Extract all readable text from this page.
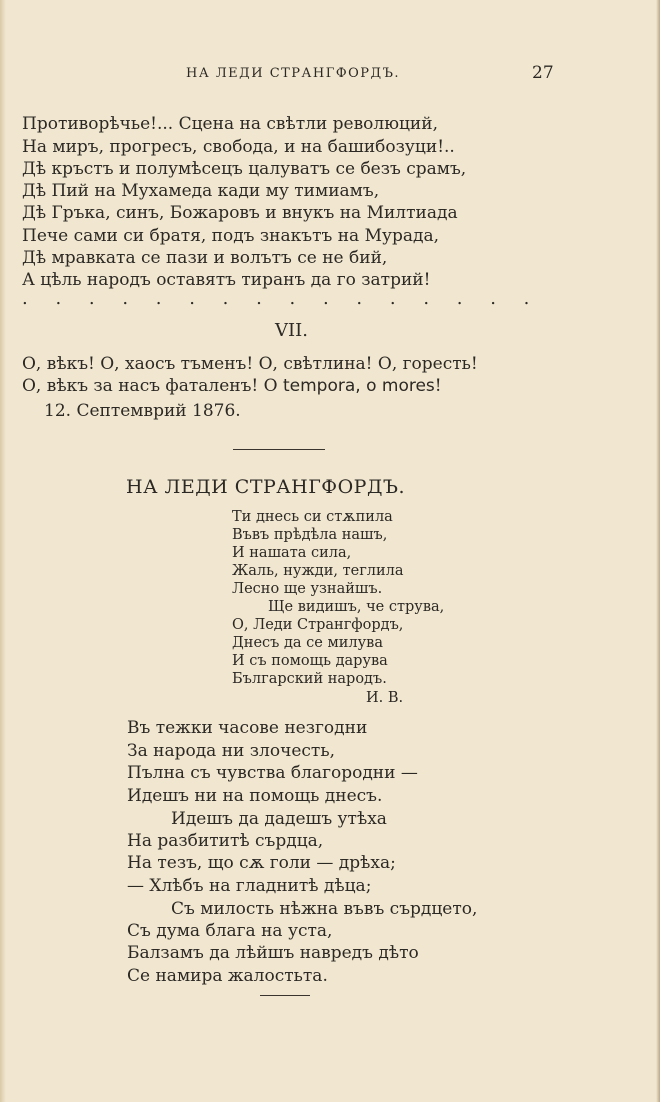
НА ЛЕДИ СТРАНГФОРДЪ.	27
Противорѣчье!... Сцена на свѣтли революций,
На миръ, прогресъ, свобода, и на башибозуци!..
Дѣ кръстъ и полумѣсецъ цалуватъ се безъ срамъ,
Дѣ Пий на Мухамеда кади му тимиамъ,
Дѣ Гръка, синъ, Божаровъ и внукъ на Милтиада
Пече сами си братя, подъ знакътъ на Мурада,
Дѣ мравката се пази и волътъ се не бий,
А цѣль народъ оставятъ тиранъ да го затрий!
. . . . . . . . . . . . . . . .
VII.
О, вѣкъ! О, хаосъ тъменъ! О, свѣтлина! О, горесть!
О, вѣкъ за насъ фаталенъ! О tempora, o mores!
12. Септемврий 1876.
НА ЛЕДИ СТРАНГФОРДЪ.
Ти днесь си стѫпила
Въвъ прѣдѣла нашъ,
И нашата сила,
Жаль, нужди, теглила
Лесно ще узнайшъ.
Ще видишъ, че струва,
О, Леди Странгфордъ,
Днесъ да се милува
И съ помощь дарува
Българский народъ.
И. В.
Въ тежки часове незгодни
За народа ни злочесть,
Пълна съ чувства благородни —
Идешъ ни на помощь днесъ.
Идешъ да дадешъ утѣха
На разбититѣ сърдца,
На тезъ, що сѫ голи — дрѣха;
— Хлѣбъ на гладнитѣ дѣца;
Съ милость нѣжна въвъ сърдцето,
Съ дума блага на уста,
Балзамъ да лѣйшъ навредъ дѣто
Се намира жалостьта.
